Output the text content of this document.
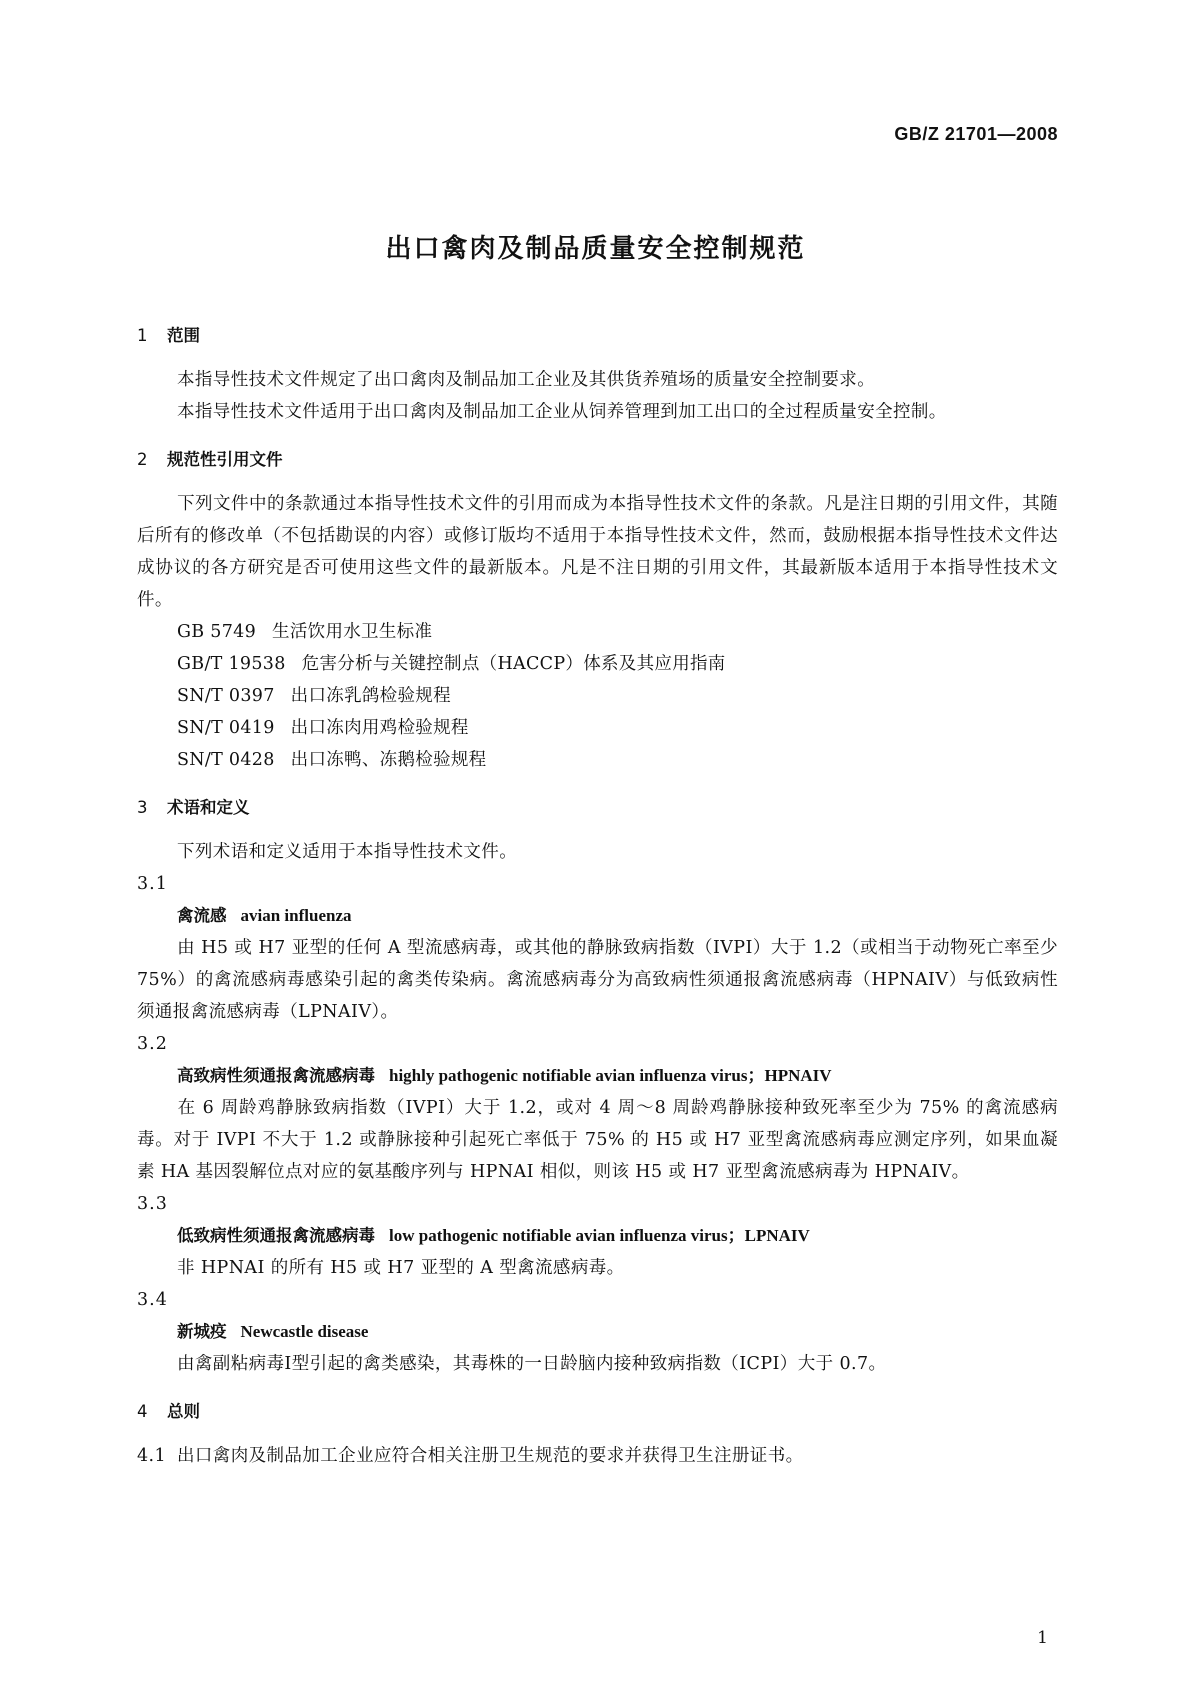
GB/Z 21701—2008
出口禽肉及制品质量安全控制规范
1 范围

本指导性技术文件规定了出口禽肉及制品加工企业及其供货养殖场的质量安全控制要求。

本指导性技术文件适用于出口禽肉及制品加工企业从饲养管理到加工出口的全过程质量安全控制。

2 规范性引用文件

下列文件中的条款通过本指导性技术文件的引用而成为本指导性技术文件的条款。凡是注日期的引用文件，其随后所有的修改单（不包括勘误的内容）或修订版均不适用于本指导性技术文件，然而，鼓励根据本指导性技术文件达成协议的各方研究是否可使用这些文件的最新版本。凡是不注日期的引用文件，其最新版本适用于本指导性技术文件。

GB 5749 生活饮用水卫生标准
GB/T 19538 危害分析与关键控制点（HACCP）体系及其应用指南
SN/T 0397 出口冻乳鸽检验规程
SN/T 0419 出口冻肉用鸡检验规程
SN/T 0428 出口冻鸭、冻鹅检验规程
3 术语和定义

下列术语和定义适用于本指导性技术文件。

3.1
禽流感 avian influenza

由 H5 或 H7 亚型的任何 A 型流感病毒，或其他的静脉致病指数（IVPI）大于 1.2（或相当于动物死亡率至少 75%）的禽流感病毒感染引起的禽类传染病。禽流感病毒分为高致病性须通报禽流感病毒（HPNAIV）与低致病性须通报禽流感病毒（LPNAIV）。

3.2
高致病性须通报禽流感病毒 highly pathogenic notifiable avian influenza virus；HPNAIV

在 6 周龄鸡静脉致病指数（IVPI）大于 1.2，或对 4 周～8 周龄鸡静脉接种致死率至少为 75% 的禽流感病毒。对于 IVPI 不大于 1.2 或静脉接种引起死亡率低于 75% 的 H5 或 H7 亚型禽流感病毒应测定序列，如果血凝素 HA 基因裂解位点对应的氨基酸序列与 HPNAI 相似，则该 H5 或 H7 亚型禽流感病毒为 HPNAIV。

3.3
低致病性须通报禽流感病毒 low pathogenic notifiable avian influenza virus；LPNAIV

非 HPNAI 的所有 H5 或 H7 亚型的 A 型禽流感病毒。

3.4
新城疫 Newcastle disease

由禽副粘病毒Ⅰ型引起的禽类感染，其毒株的一日龄脑内接种致病指数（ICPI）大于 0.7。

4 总则
4.1 出口禽肉及制品加工企业应符合相关注册卫生规范的要求并获得卫生注册证书。
1
